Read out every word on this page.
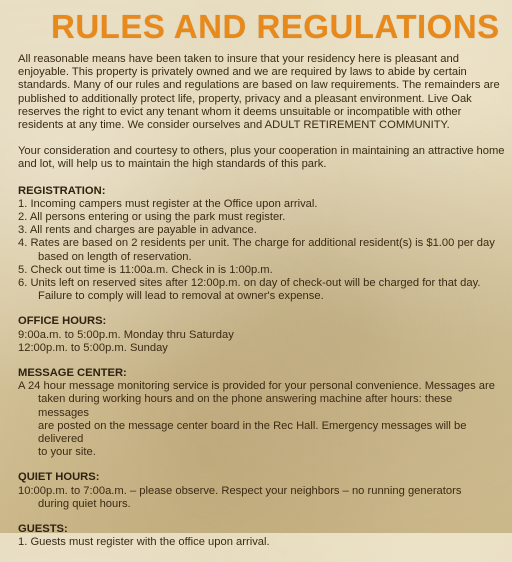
RULES AND REGULATIONS

All reasonable means have been taken to insure that your residency here is pleasant and enjoyable. This property is privately owned and we are required by laws to abide by certain standards. Many of our rules and regulations are based on law requirements. The remainders are published to additionally protect life, property, privacy and a pleasant environment. Live Oak reserves the right to evict any tenant whom it deems unsuitable or incompatible with other residents at any time. We consider ourselves and ADULT RETIREMENT COMMUNITY.

Your consideration and courtesy to others, plus your cooperation in maintaining an attractive home and lot, will help us to maintain the high standards of this park.

REGISTRATION:
1. Incoming campers must register at the Office upon arrival.
2. All persons entering or using the park must register.
3. All rents and charges are payable in advance.
4. Rates are based on 2 residents per unit. The charge for additional resident(s) is $1.00 per day
based on length of reservation.
5. Check out time is 11:00a.m. Check in is 1:00p.m.
6. Units left on reserved sites after 12:00p.m. on day of check-out will be charged for that day.
Failure to comply will lead to removal at owner's expense.
OFFICE HOURS:
9:00a.m. to 5:00p.m. Monday thru Saturday
12:00p.m. to 5:00p.m. Sunday
MESSAGE CENTER:
A 24 hour message monitoring service is provided for your personal convenience. Messages are
taken during working hours and on the phone answering machine after hours: these messages
are posted on the message center board in the Rec Hall. Emergency messages will be delivered
to your site.
QUIET HOURS:
10:00p.m. to 7:00a.m. – please observe. Respect your neighbors – no running generators
during quiet hours.
GUESTS:
1. Guests must register with the office upon arrival.
